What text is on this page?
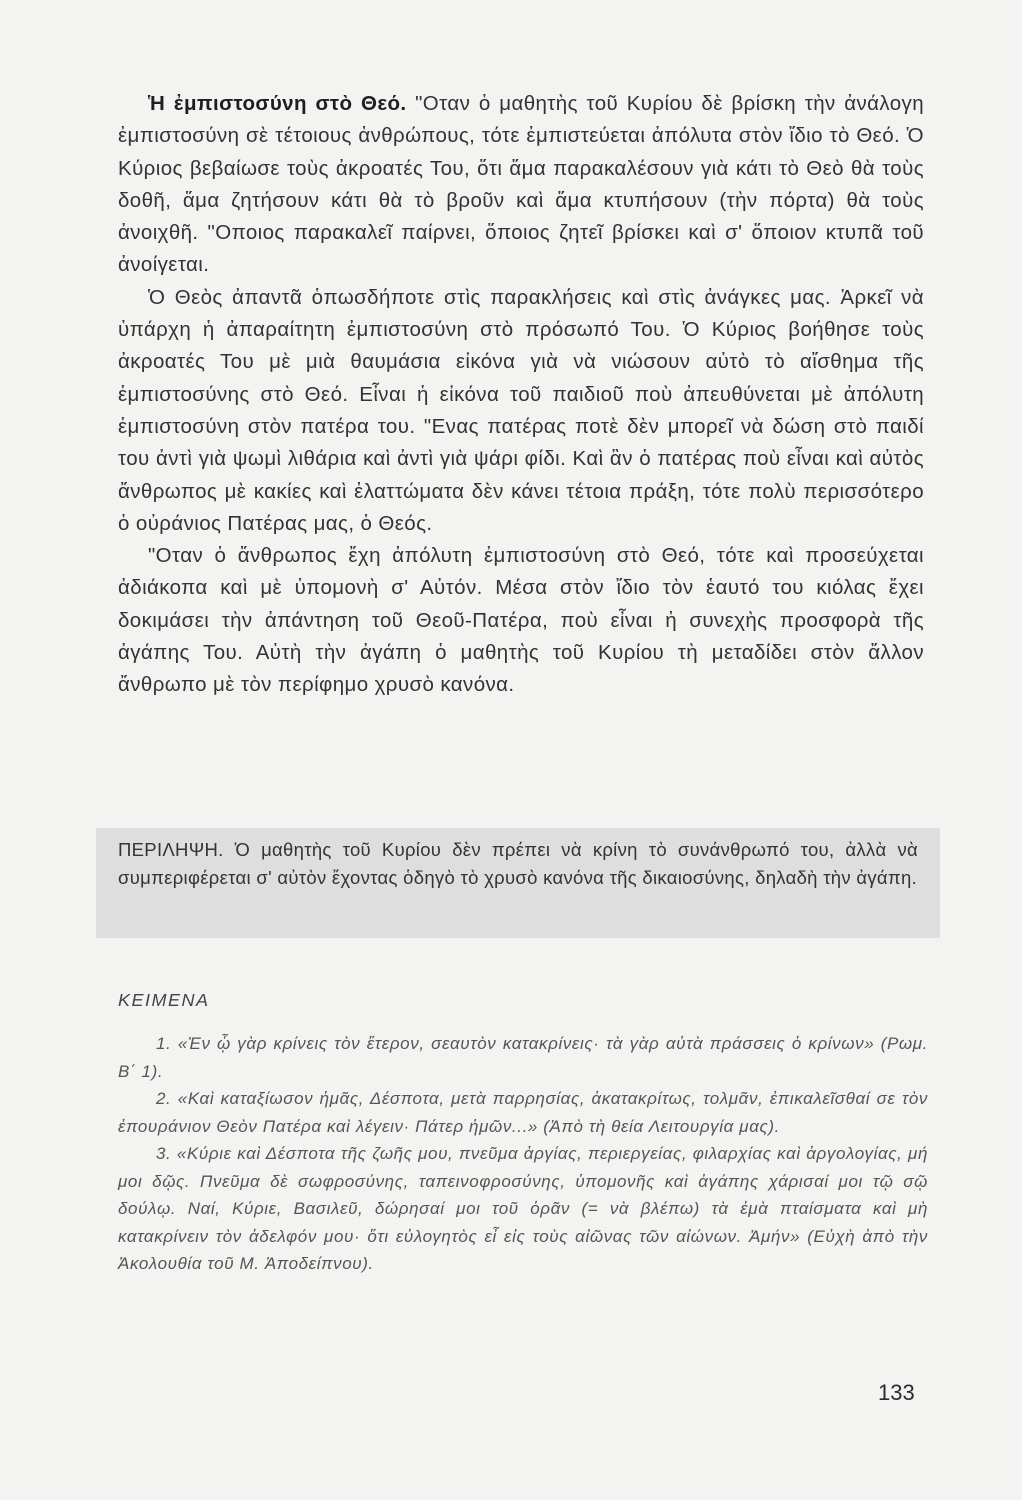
Ἡ ἐμπιστοσύνη στὸ Θεό. "Οταν ὁ μαθητὴς τοῦ Κυρίου δὲ βρίσκη τὴν ἀνάλογη ἐμπιστοσύνη σὲ τέτοιους ἀνθρώπους, τότε ἐμπιστεύεται ἀπόλυτα στὸν ἴδιο τὸ Θεό. Ὁ Κύριος βεβαίωσε τοὺς ἀκροατές Του, ὅτι ἅμα παρακαλέσουν γιὰ κάτι τὸ Θεὸ θὰ τοὺς δοθῆ, ἅμα ζητήσουν κάτι θὰ τὸ βροῦν καὶ ἅμα κτυπήσουν (τὴν πόρτα) θὰ τοὺς ἀνοιχθῆ. "Οποιος παρακαλεῖ παίρνει, ὅποιος ζητεῖ βρίσκει καὶ σ' ὅποιον κτυπᾶ τοῦ ἀνοίγεται.

Ὁ Θεὸς ἀπαντᾶ ὁπωσδήποτε στὶς παρακλήσεις καὶ στὶς ἀνάγκες μας. Ἀρκεῖ νὰ ὑπάρχη ἡ ἀπαραίτητη ἐμπιστοσύνη στὸ πρόσωπό Του. Ὁ Κύριος βοήθησε τοὺς ἀκροατές Του μὲ μιὰ θαυμάσια εἰκόνα γιὰ νὰ νιώσουν αὐτὸ τὸ αἴσθημα τῆς ἐμπιστοσύνης στὸ Θεό. Εἶναι ἡ εἰκόνα τοῦ παιδιοῦ ποὺ ἀπευθύνεται μὲ ἀπόλυτη ἐμπιστοσύνη στὸν πατέρα του. "Ενας πατέρας ποτὲ δὲν μπορεῖ νὰ δώση στὸ παιδί του ἀντὶ γιὰ ψωμὶ λιθάρια καὶ ἀντὶ γιὰ ψάρι φίδι. Καὶ ἂν ὁ πατέρας ποὺ εἶναι καὶ αὐτὸς ἄνθρωπος μὲ κακίες καὶ ἐλαττώματα δὲν κάνει τέτοια πράξη, τότε πολὺ περισσότερο ὁ οὐράνιος Πατέρας μας, ὁ Θεός.

"Οταν ὁ ἄνθρωπος ἔχη ἀπόλυτη ἐμπιστοσύνη στὸ Θεό, τότε καὶ προσεύχεται ἀδιάκοπα καὶ μὲ ὑπομονὴ σ' Αὐτόν. Μέσα στὸν ἴδιο τὸν ἑαυτό του κιόλας ἔχει δοκιμάσει τὴν ἀπάντηση τοῦ Θεοῦ-Πατέρα, ποὺ εἶναι ἡ συνεχὴς προσφορὰ τῆς ἀγάπης Του. Αὐτὴ τὴν ἀγάπη ὁ μαθητὴς τοῦ Κυρίου τὴ μεταδίδει στὸν ἄλλον ἄνθρωπο μὲ τὸν περίφημο χρυσὸ κανόνα.

ΠΕΡΙΛΗΨΗ. Ὁ μαθητὴς τοῦ Κυρίου δὲν πρέπει νὰ κρίνη τὸ συνάνθρωπό του, ἀλλὰ νὰ συμπεριφέρεται σ' αὐτὸν ἔχοντας ὁδηγὸ τὸ χρυσὸ κανόνα τῆς δικαιοσύνης, δηλαδὴ τὴν ἀγάπη.

ΚΕΙΜΕΝΑ

1. «Ἐν ᾧ γὰρ κρίνεις τὸν ἕτερον, σεαυτὸν κατακρίνεις· τὰ γὰρ αὐτὰ πράσσεις ὁ κρίνων» (Ρωμ. Β΄ 1).

2. «Καὶ καταξίωσον ἡμᾶς, Δέσποτα, μετὰ παρρησίας, ἀκατακρίτως, τολμᾶν, ἐπικαλεῖσθαί σε τὸν ἐπουράνιον Θεὸν Πατέρα καὶ λέγειν· Πάτερ ἡμῶν...» (Ἀπὸ τὴ θεία Λειτουργία μας).

3. «Κύριε καὶ Δέσποτα τῆς ζωῆς μου, πνεῦμα ἀργίας, περιεργείας, φιλαρχίας καὶ ἀργολογίας, μή μοι δῷς. Πνεῦμα δὲ σωφροσύνης, ταπεινοφροσύνης, ὑπομονῆς καὶ ἀγάπης χάρισαί μοι τῷ σῷ δούλῳ. Ναί, Κύριε, Βασιλεῦ, δώρησαί μοι τοῦ ὁρᾶν (= νὰ βλέπω) τὰ ἐμὰ πταίσματα καὶ μὴ κατακρίνειν τὸν ἀδελφόν μου· ὅτι εὐλογητὸς εἶ εἰς τοὺς αἰῶνας τῶν αἰώνων. Ἀμήν» (Εὐχὴ ἀπὸ τὴν Ἀκολουθία τοῦ Μ. Ἀποδείπνου).

133
